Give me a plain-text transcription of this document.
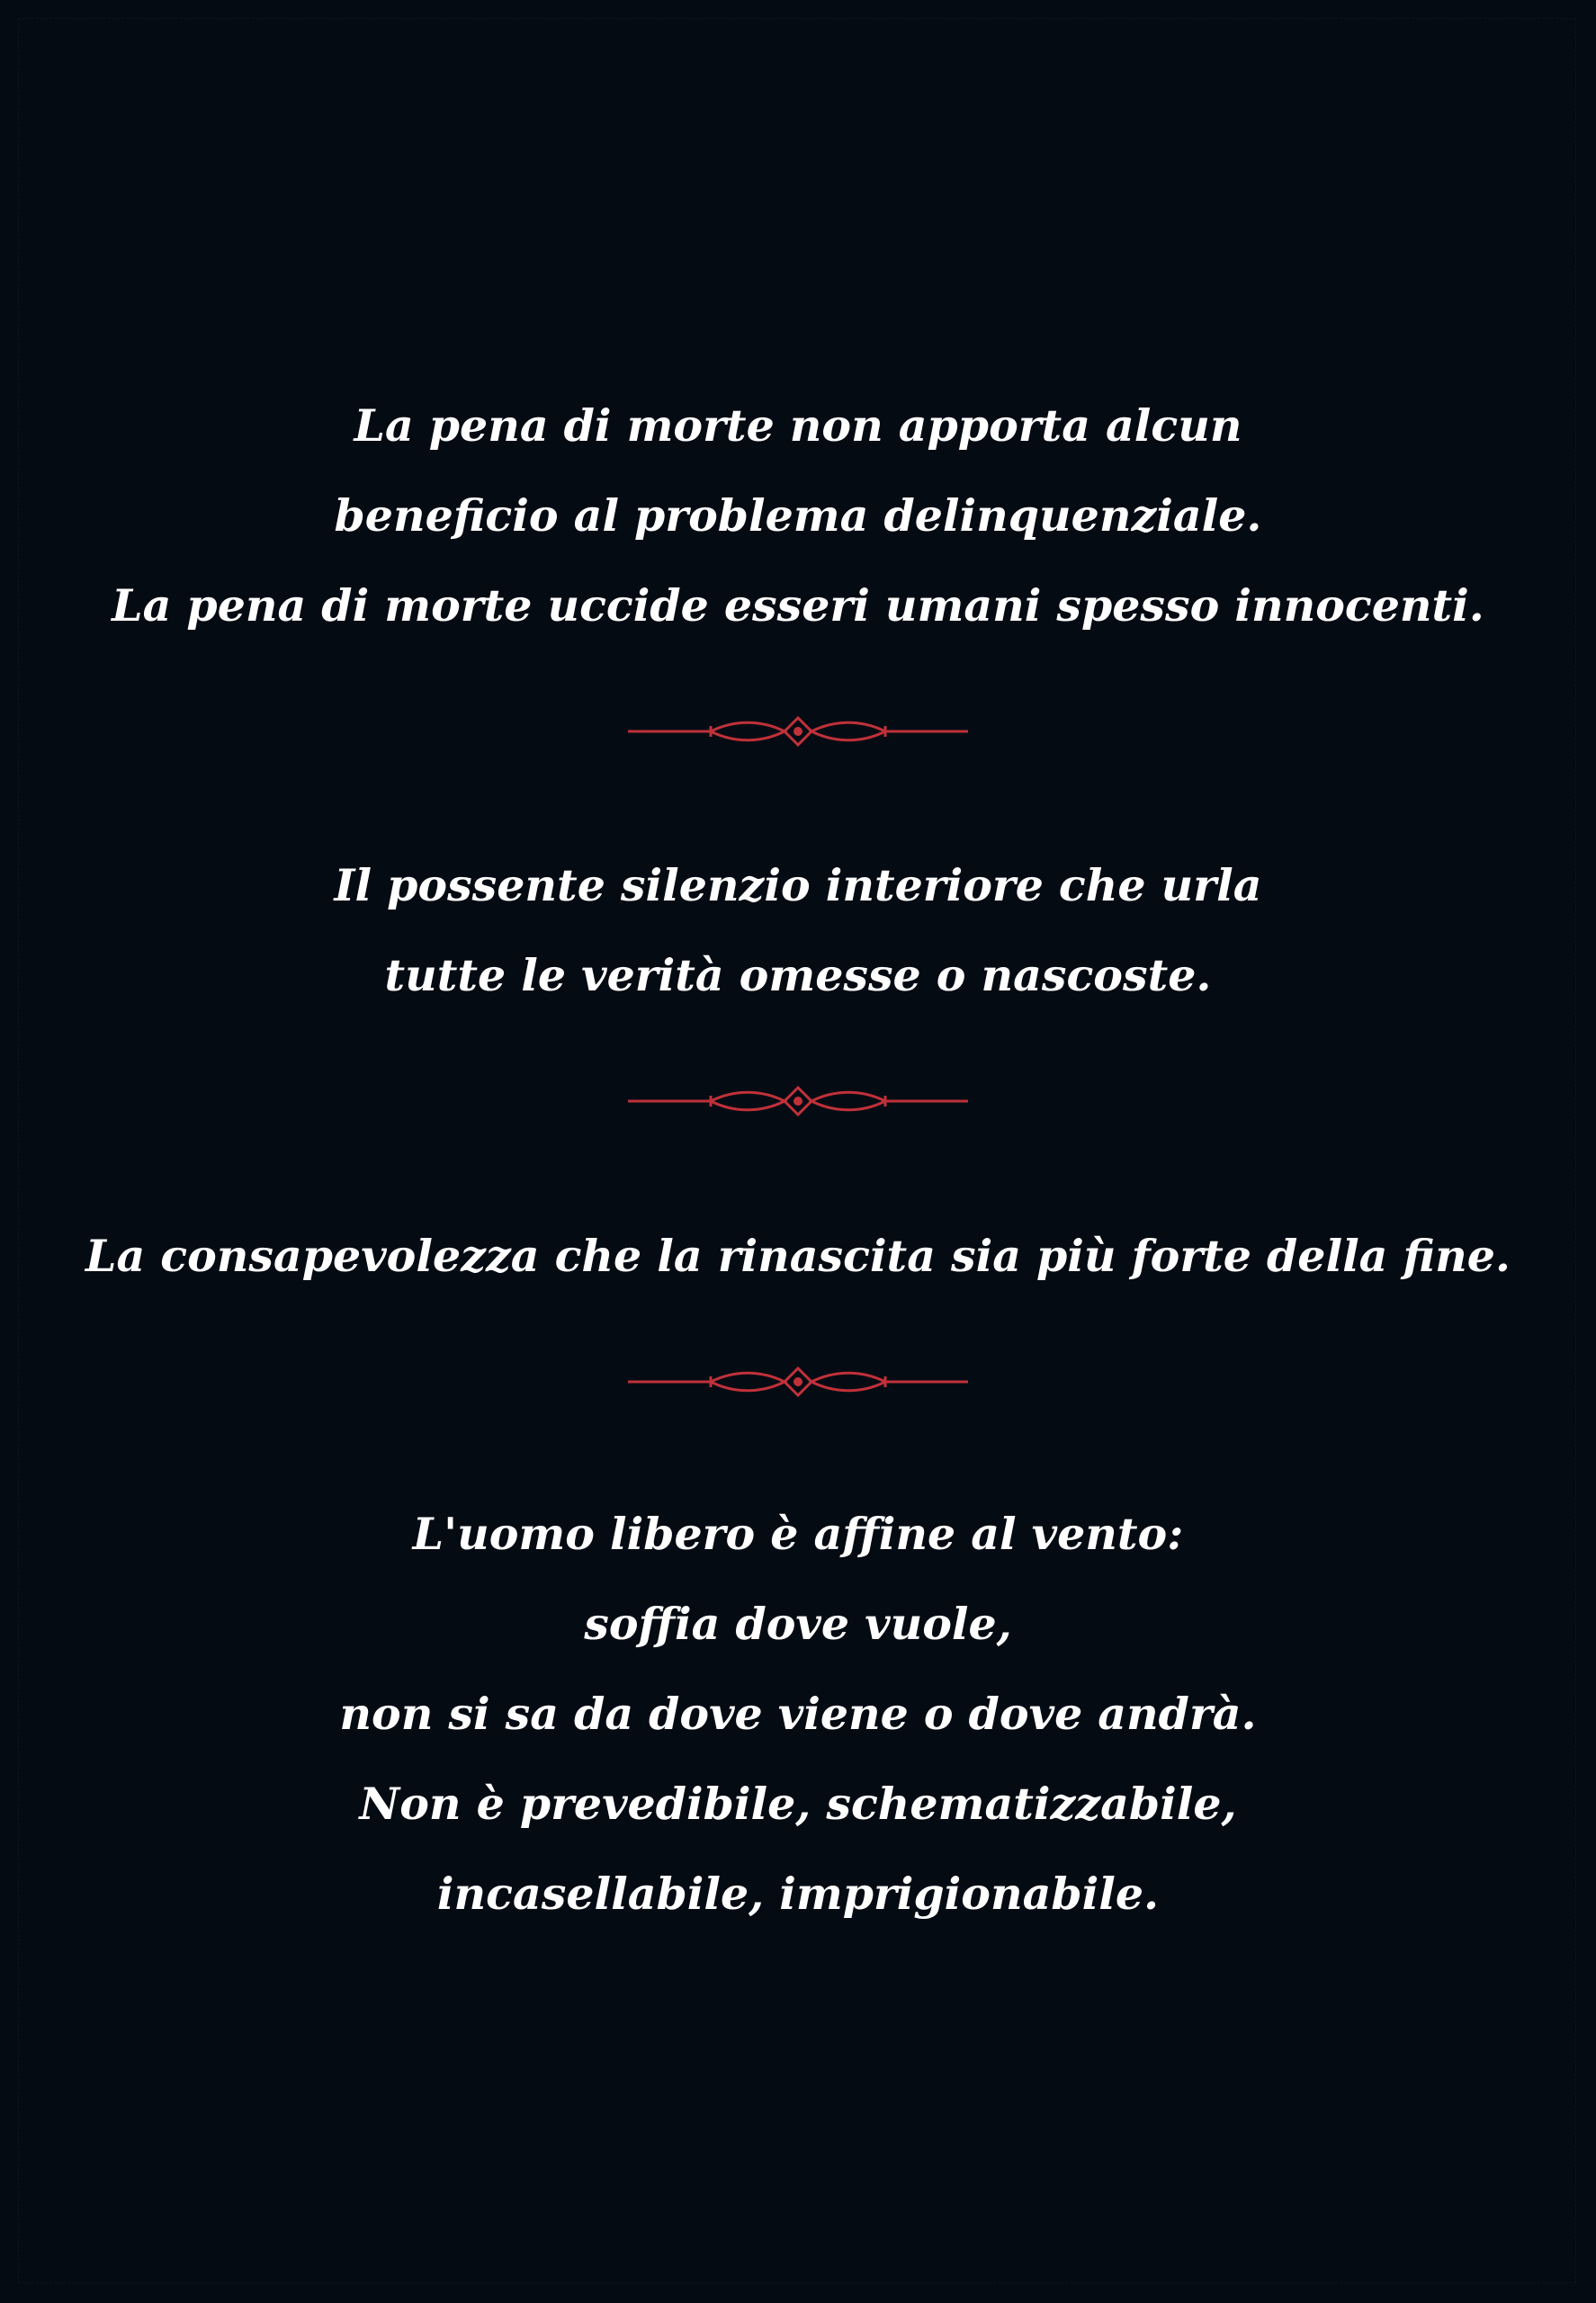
La pena di morte non apporta alcun
beneficio al problema delinquenziale.
La pena di morte uccide esseri umani spesso innocenti.
Il possente silenzio interiore che urla
tutte le verità omesse o nascoste.
La consapevolezza che la rinascita sia più forte della fine.
L'uomo libero è affine al vento:
soffia dove vuole,
non si sa da dove viene o dove andrà.
Non è prevedibile, schematizzabile,
incasellabile, imprigionabile.
